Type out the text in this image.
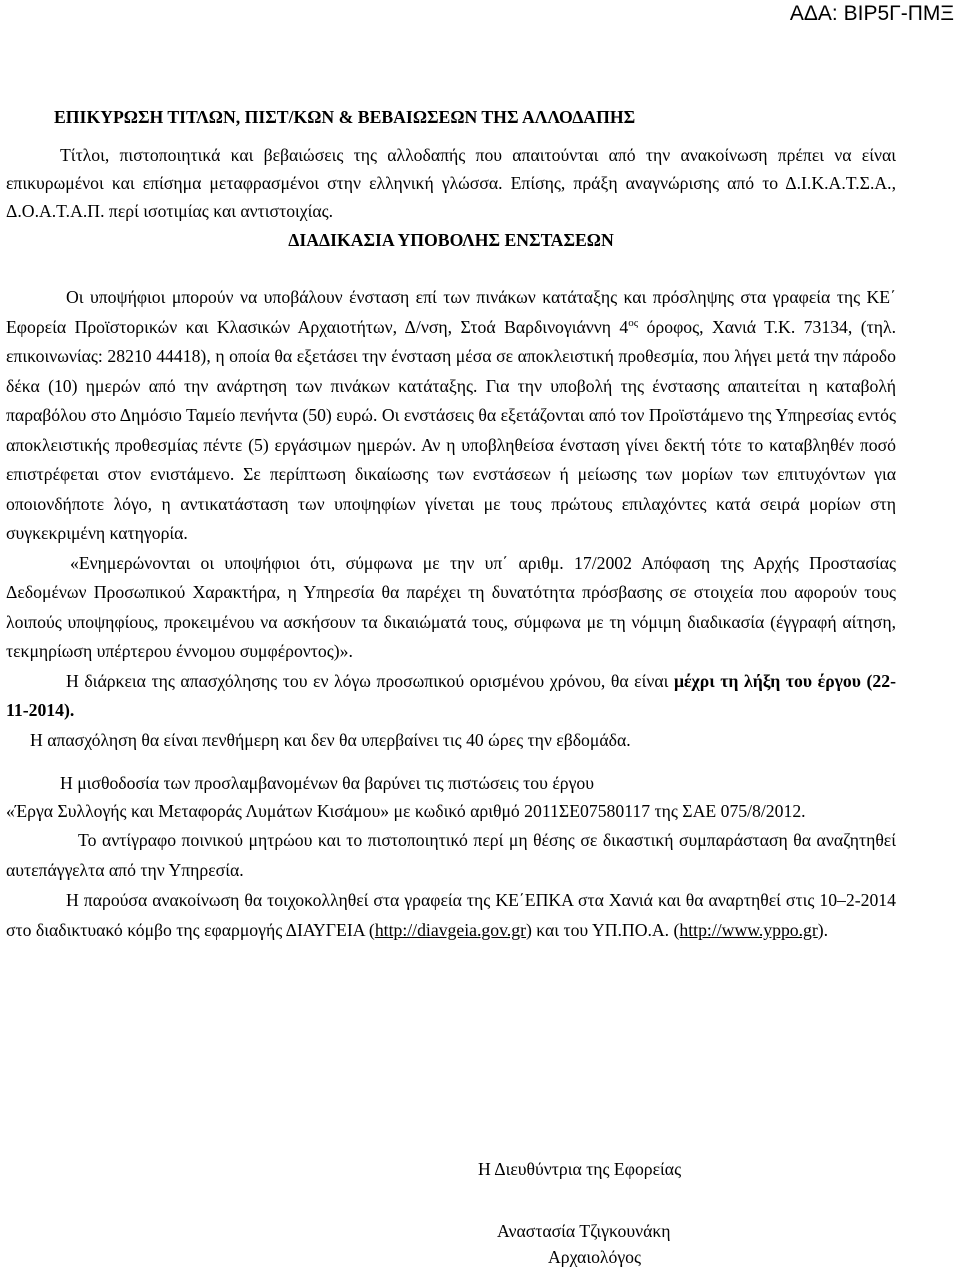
ΑΔΑ: ΒΙΡ5Γ-ΠΜΞ

ΕΠΙΚΥΡΩΣΗ ΤΙΤΛΩΝ, ΠΙΣΤ/ΚΩΝ & ΒΕΒΑΙΩΣΕΩΝ ΤΗΣ ΑΛΛΟΔΑΠΗΣ

Τίτλοι, πιστοποιητικά και βεβαιώσεις της αλλοδαπής που απαιτούνται από την ανακοίνωση πρέπει να είναι επικυρωμένοι και επίσημα μεταφρασμένοι στην ελληνική γλώσσα. Επίσης, πράξη αναγνώρισης από το Δ.Ι.Κ.Α.Τ.Σ.Α., Δ.Ο.Α.Τ.Α.Π. περί ισοτιμίας και αντιστοιχίας.

ΔΙΑΔΙΚΑΣΙΑ ΥΠΟΒΟΛΗΣ ΕΝΣΤΑΣΕΩΝ

Οι υποψήφιοι μπορούν να υποβάλουν ένσταση επί των πινάκων κατάταξης και πρόσληψης στα γραφεία της ΚΕ΄ Εφορεία Προϊστορικών και Κλασικών Αρχαιοτήτων, Δ/νση, Στοά Βαρδινογιάννη $4^{o\varsigma}$ όροφος, Χανιά Τ.Κ. 73134, (τηλ. επικοινωνίας: 28210 44418), η οποία θα εξετάσει την ένσταση μέσα σε αποκλειστική προθεσμία, που λήγει μετά την πάροδο δέκα (10) ημερών από την ανάρτηση των πινάκων κατάταξης. Για την υποβολή της ένστασης απαιτείται η καταβολή παραβόλου στο Δημόσιο Ταμείο πενήντα (50) ευρώ. Οι ενστάσεις θα εξετάζονται από τον Προϊστάμενο της Υπηρεσίας εντός αποκλειστικής προθεσμίας πέντε (5) εργάσιμων ημερών. Αν η υποβληθείσα ένσταση γίνει δεκτή τότε το καταβληθέν ποσό επιστρέφεται στον ενιστάμενο. Σε περίπτωση δικαίωσης των ενστάσεων ή μείωσης των μορίων των επιτυχόντων για οποιονδήποτε λόγο, η αντικατάσταση των υποψηφίων γίνεται με τους πρώτους επιλαχόντες κατά σειρά μορίων στη συγκεκριμένη κατηγορία.

«Ενημερώνονται οι υποψήφιοι ότι, σύμφωνα με την υπ΄ αριθμ. 17/2002 Απόφαση της Αρχής Προστασίας Δεδομένων Προσωπικού Χαρακτήρα, η Υπηρεσία θα παρέχει τη δυνατότητα πρόσβασης σε στοιχεία που αφορούν τους λοιπούς υποψηφίους, προκειμένου να ασκήσουν τα δικαιώματά τους, σύμφωνα με τη νόμιμη διαδικασία (έγγραφή αίτηση, τεκμηρίωση υπέρτερου έννομου συμφέροντος)».

Η διάρκεια της απασχόλησης του εν λόγω προσωπικού ορισμένου χρόνου, θα είναι μέχρι τη λήξη του έργου (22-11-2014).

Η απασχόληση θα είναι πενθήμερη και δεν θα υπερβαίνει τις 40 ώρες την εβδομάδα.

Η μισθοδοσία των προσλαμβανομένων θα βαρύνει τις πιστώσεις του έργου

«Έργα Συλλογής και Μεταφοράς Λυμάτων Κισάμου» με κωδικό αριθμό 2011ΣΕ07580117 της ΣΑΕ 075/8/2012.

Το αντίγραφο ποινικού μητρώου και το πιστοποιητικό περί μη θέσης σε δικαστική συμπαράσταση θα αναζητηθεί αυτεπάγγελτα από την Υπηρεσία.

Η παρούσα ανακοίνωση θα τοιχοκολληθεί στα γραφεία της ΚΕ΄ΕΠΚΑ στα Χανιά και θα αναρτηθεί στις 10–2-2014 στο διαδικτυακό κόμβο της εφαρμογής ΔΙΑΥΓΕΙΑ (http://diavgeia.gov.gr) και του ΥΠ.ΠΟ.Α. (http://www.yppo.gr).

Η Διευθύντρια της Εφορείας
Αναστασία Τζιγκουνάκη
Αρχαιολόγος
